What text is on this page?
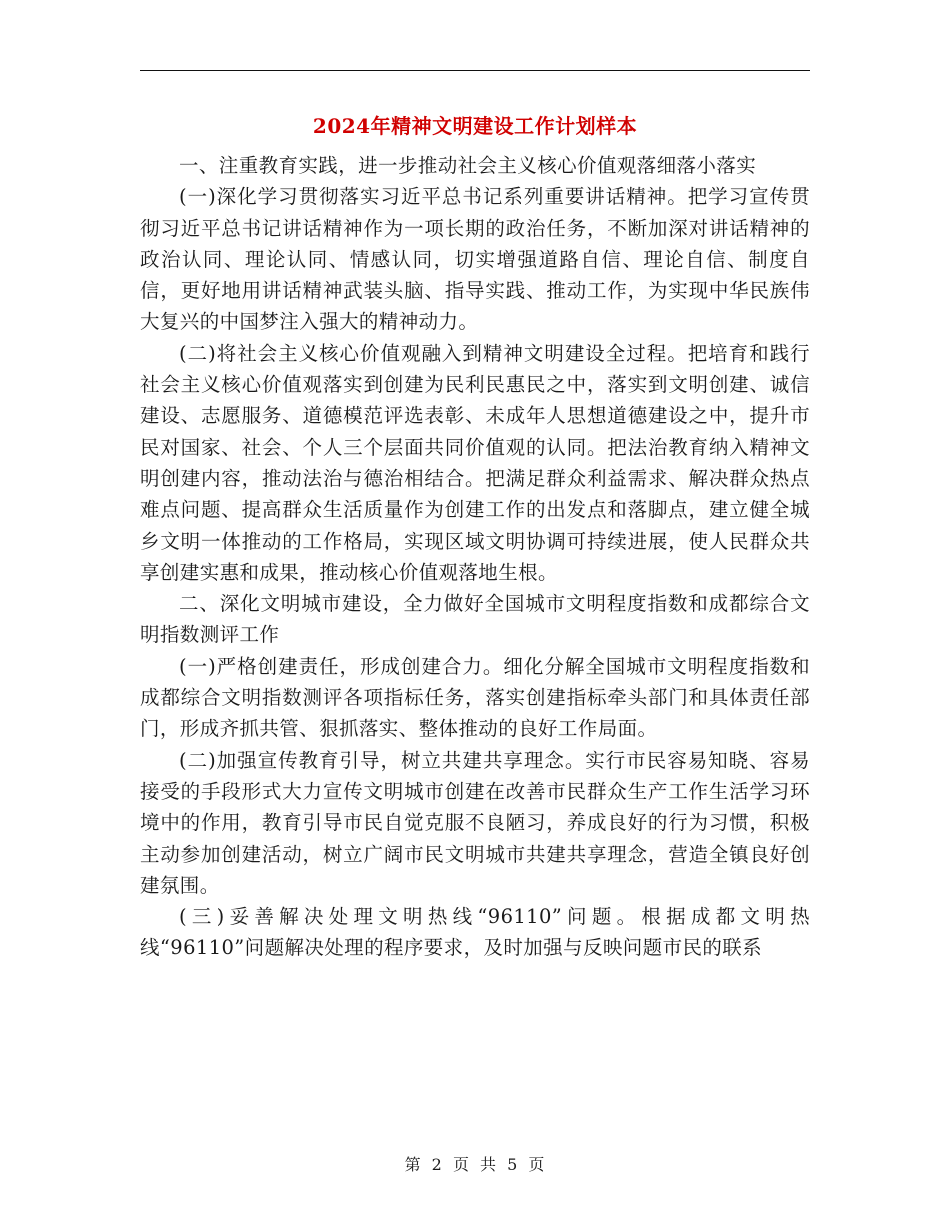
2024年精神文明建设工作计划样本

一、注重教育实践，进一步推动社会主义核心价值观落细落小落实

(一)深化学习贯彻落实习近平总书记系列重要讲话精神。把学习宣传贯彻习近平总书记讲话精神作为一项长期的政治任务，不断加深对讲话精神的政治认同、理论认同、情感认同，切实增强道路自信、理论自信、制度自信，更好地用讲话精神武装头脑、指导实践、推动工作，为实现中华民族伟大复兴的中国梦注入强大的精神动力。

(二)将社会主义核心价值观融入到精神文明建设全过程。把培育和践行社会主义核心价值观落实到创建为民利民惠民之中，落实到文明创建、诚信建设、志愿服务、道德模范评选表彰、未成年人思想道德建设之中，提升市民对国家、社会、个人三个层面共同价值观的认同。把法治教育纳入精神文明创建内容，推动法治与德治相结合。把满足群众利益需求、解决群众热点难点问题、提高群众生活质量作为创建工作的出发点和落脚点，建立健全城乡文明一体推动的工作格局，实现区域文明协调可持续进展，使人民群众共享创建实惠和成果，推动核心价值观落地生根。

二、深化文明城市建设，全力做好全国城市文明程度指数和成都综合文明指数测评工作

(一)严格创建责任，形成创建合力。细化分解全国城市文明程度指数和成都综合文明指数测评各项指标任务，落实创建指标牵头部门和具体责任部门，形成齐抓共管、狠抓落实、整体推动的良好工作局面。

(二)加强宣传教育引导，树立共建共享理念。实行市民容易知晓、容易接受的手段形式大力宣传文明城市创建在改善市民群众生产工作生活学习环境中的作用，教育引导市民自觉克服不良陋习，养成良好的行为习惯，积极主动参加创建活动，树立广阔市民文明城市共建共享理念，营造全镇良好创建氛围。

(三)妥善解决处理文明热线“96110”问题。根据成都文明热线“96110”问题解决处理的程序要求，及时加强与反映问题市民的联系

第 2 页 共 5 页
